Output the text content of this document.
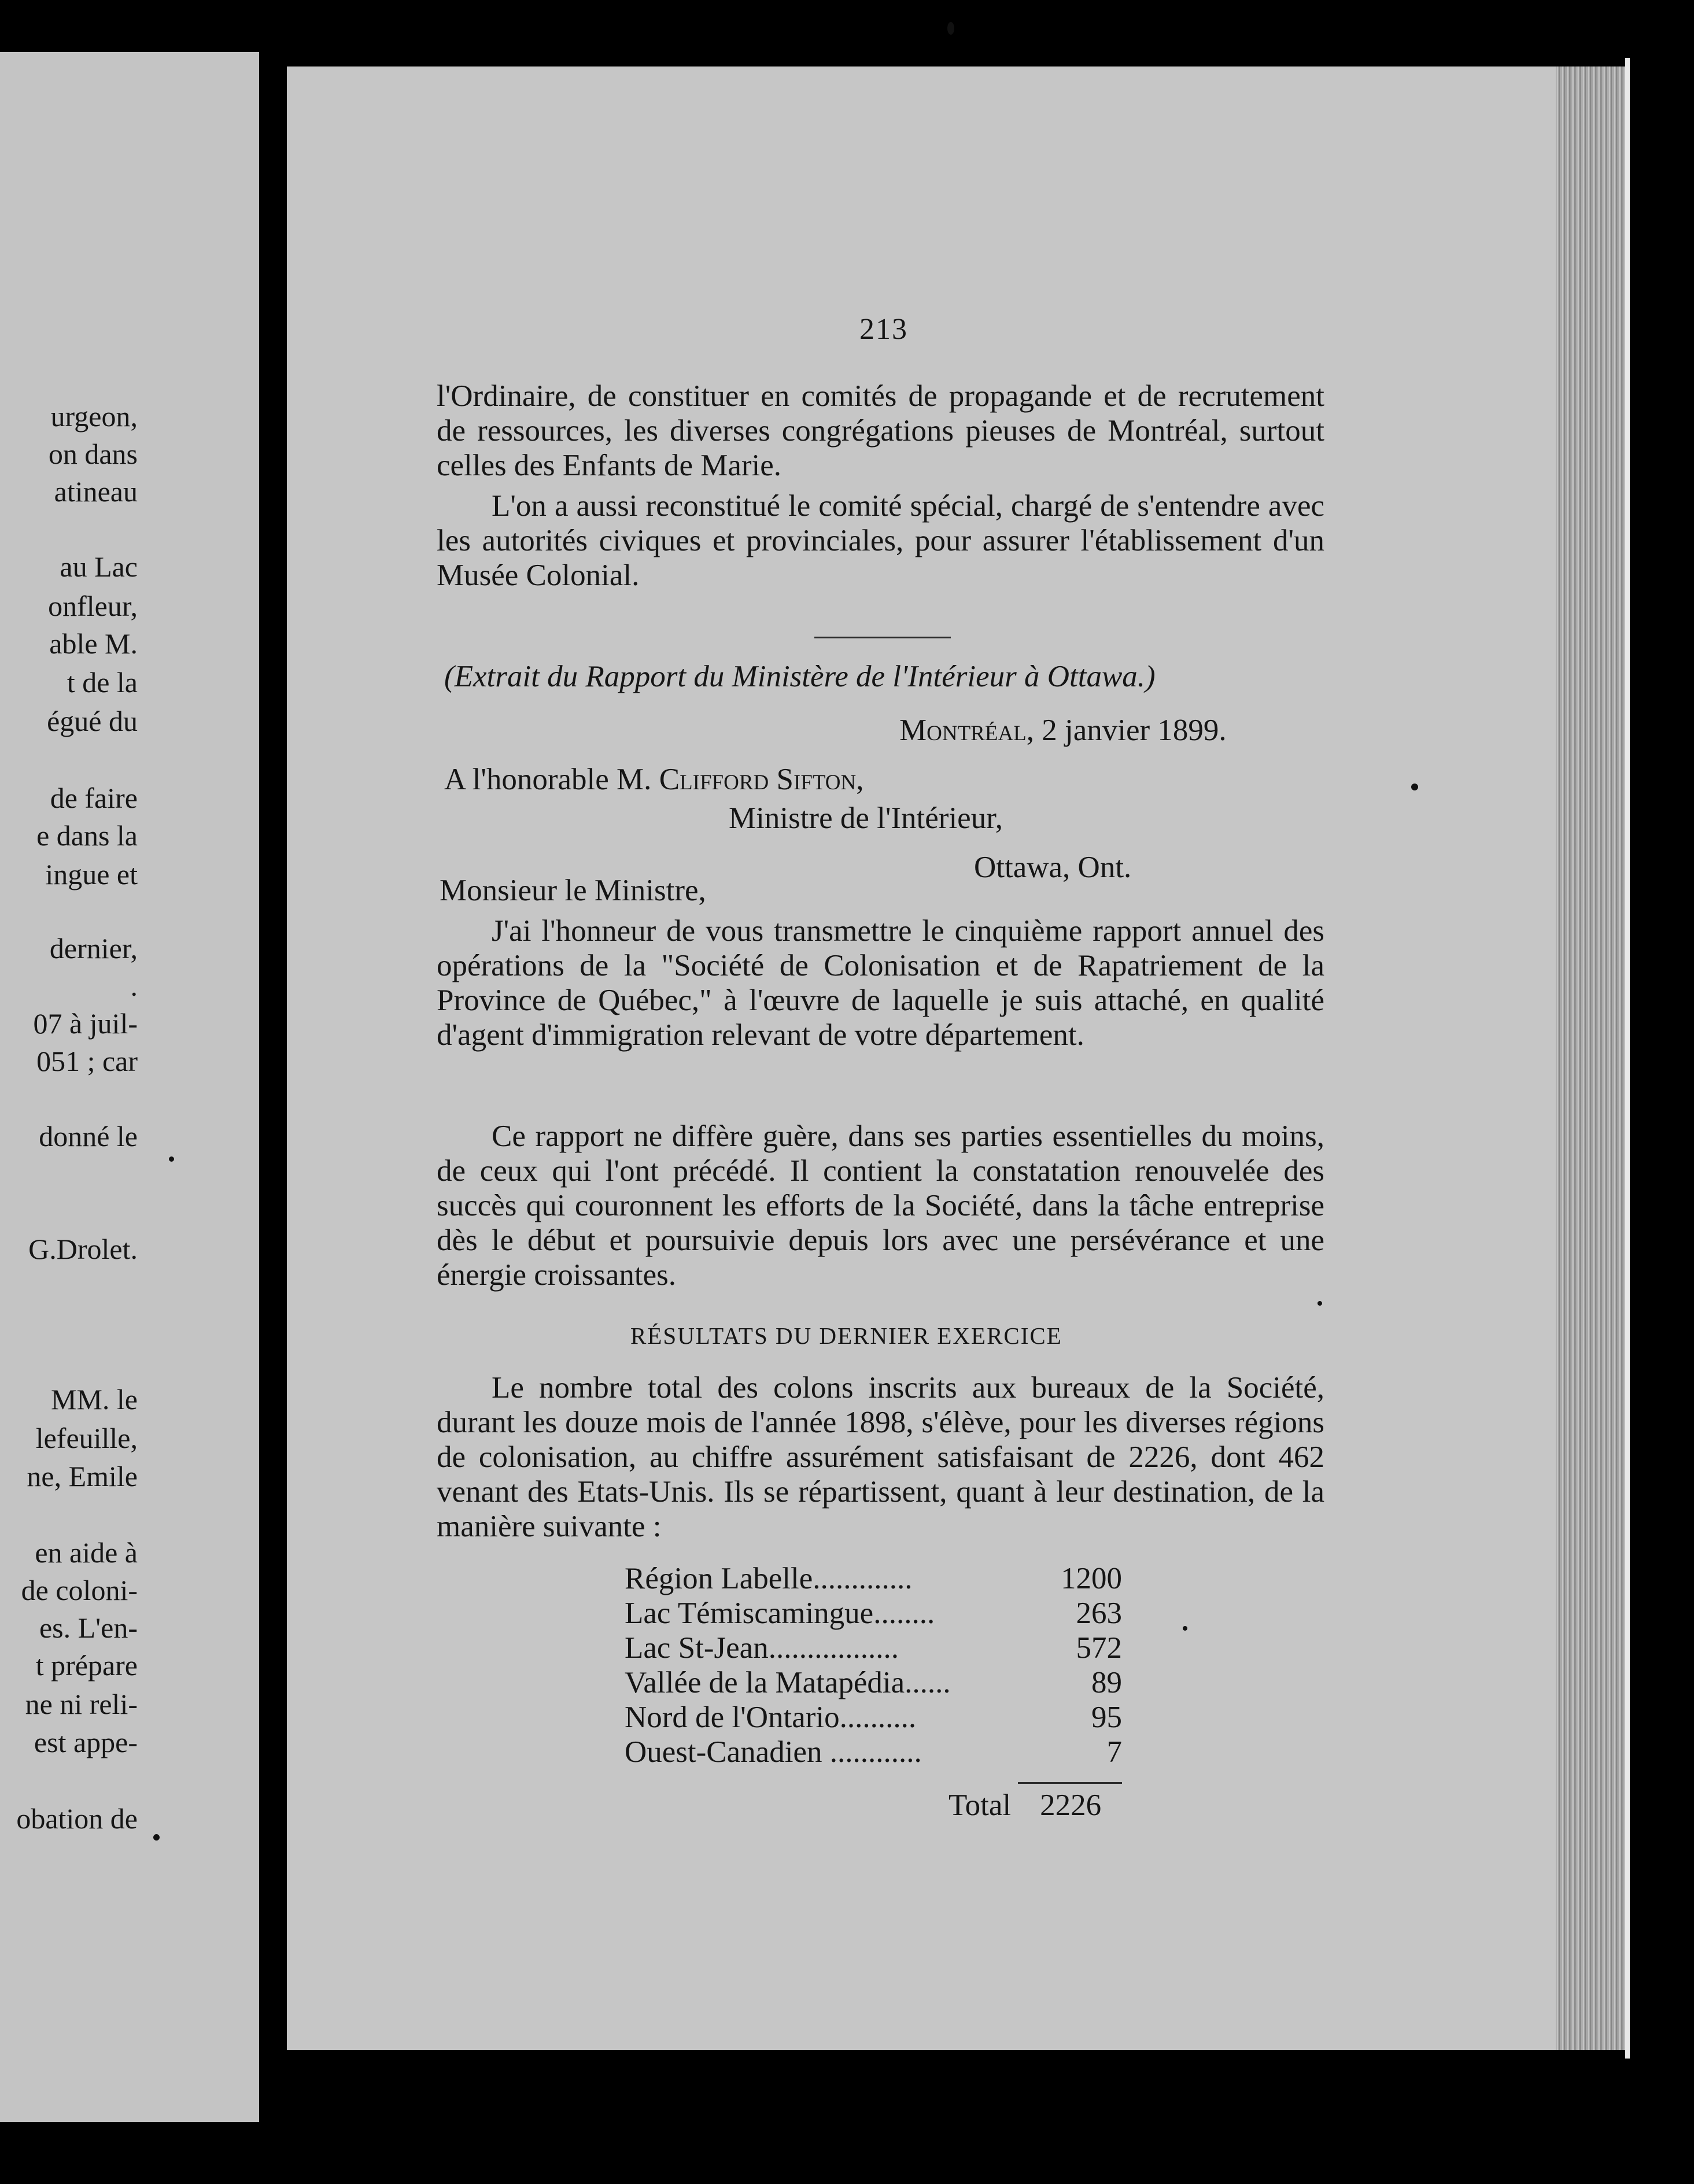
urgeon,
on dans
atineau
au Lac
onfleur,
able M.
t de la
égué du
de faire
e dans la
ingue et
dernier,
.
07 à juil-
051 ; car
donné le
G.Drolet.
MM. le
lefeuille,
ne, Emile
en aide à
de coloni-
es. L'en-
t prépare
ne ni reli-
est appe-
obation de
213
l'Ordinaire, de constituer en comités de propagande et de recrutement de ressources, les diverses congrégations pieuses de Montréal, surtout celles des Enfants de Marie.
L'on a aussi reconstitué le comité spécial, chargé de s'entendre avec les autorités civiques et provinciales, pour assurer l'établissement d'un Musée Colonial.
(Extrait du Rapport du Ministère de l'Intérieur à Ottawa.)
Montréal, 2 janvier 1899.
A l'honorable M. Clifford Sifton,
Ministre de l'Intérieur,
Ottawa, Ont.
Monsieur le Ministre,
J'ai l'honneur de vous transmettre le cinquième rapport annuel des opérations de la "Société de Colonisation et de Rapatriement de la Province de Québec," à l'œuvre de laquelle je suis attaché, en qualité d'agent d'immigration relevant de votre département.
Ce rapport ne diffère guère, dans ses parties essentielles du moins, de ceux qui l'ont précédé. Il contient la constatation renouvelée des succès qui couronnent les efforts de la Société, dans la tâche entreprise dès le début et poursuivie depuis lors avec une persévérance et une énergie croissantes.
RÉSULTATS DU DERNIER EXERCICE
Le nombre total des colons inscrits aux bureaux de la Société, durant les douze mois de l'année 1898, s'élève, pour les diverses régions de colonisation, au chiffre assurément satisfaisant de 2226, dont 462 venant des Etats-Unis. Ils se répartissent, quant à leur destination, de la manière suivante :
Région Labelle.............	1200
Lac Témiscamingue........	263
Lac St-Jean.................	572
Vallée de la Matapédia......	89
Nord de l'Ontario..........	95
Ouest-Canadien ............	7
Total 2226
